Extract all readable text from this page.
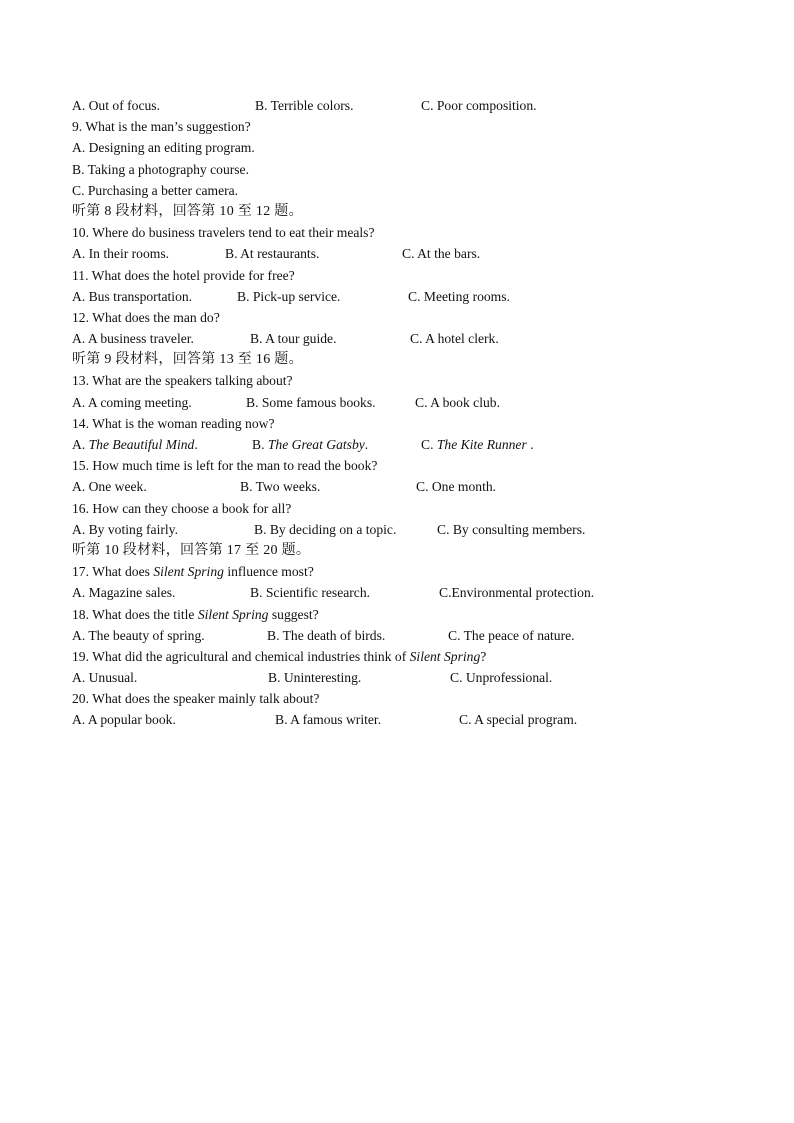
A. Out of focus.	B. Terrible colors.	C. Poor composition.
9. What is the man’s suggestion?
A. Designing an editing program.
B. Taking a photography course.
C. Purchasing a better camera.
听第 8 段材料，回答第 10 至 12 题。
10. Where do business travelers tend to eat their meals?
A. In their rooms.	B. At restaurants.	C. At the bars.
11. What does the hotel provide for free?
A. Bus transportation.	B. Pick-up service.	C. Meeting rooms.
12. What does the man do?
A. A business traveler.	B. A tour guide.	C. A hotel clerk.
听第 9 段材料，回答第 13 至 16 题。
13. What are the speakers talking about?
A. A coming meeting.	B. Some famous books.	C. A book club.
14. What is the woman reading now?
A. The Beautiful Mind.	B. The Great Gatsby.	C. The Kite Runner .
15. How much time is left for the man to read the book?
A. One week.	B. Two weeks.	C. One month.
16. How can they choose a book for all?
A. By voting fairly.	B. By deciding on a topic.	C. By consulting members.
听第 10 段材料，回答第 17 至 20 题。
17. What does Silent Spring influence most?
A. Magazine sales.	B. Scientific research.	C.Environmental protection.
18. What does the title Silent Spring suggest?
A. The beauty of spring.	B. The death of birds.	C. The peace of nature.
19. What did the agricultural and chemical industries think of Silent Spring?
A. Unusual.	B. Uninteresting.	C. Unprofessional.
20. What does the speaker mainly talk about?
A. A popular book.	B. A famous writer.	C. A special program.
